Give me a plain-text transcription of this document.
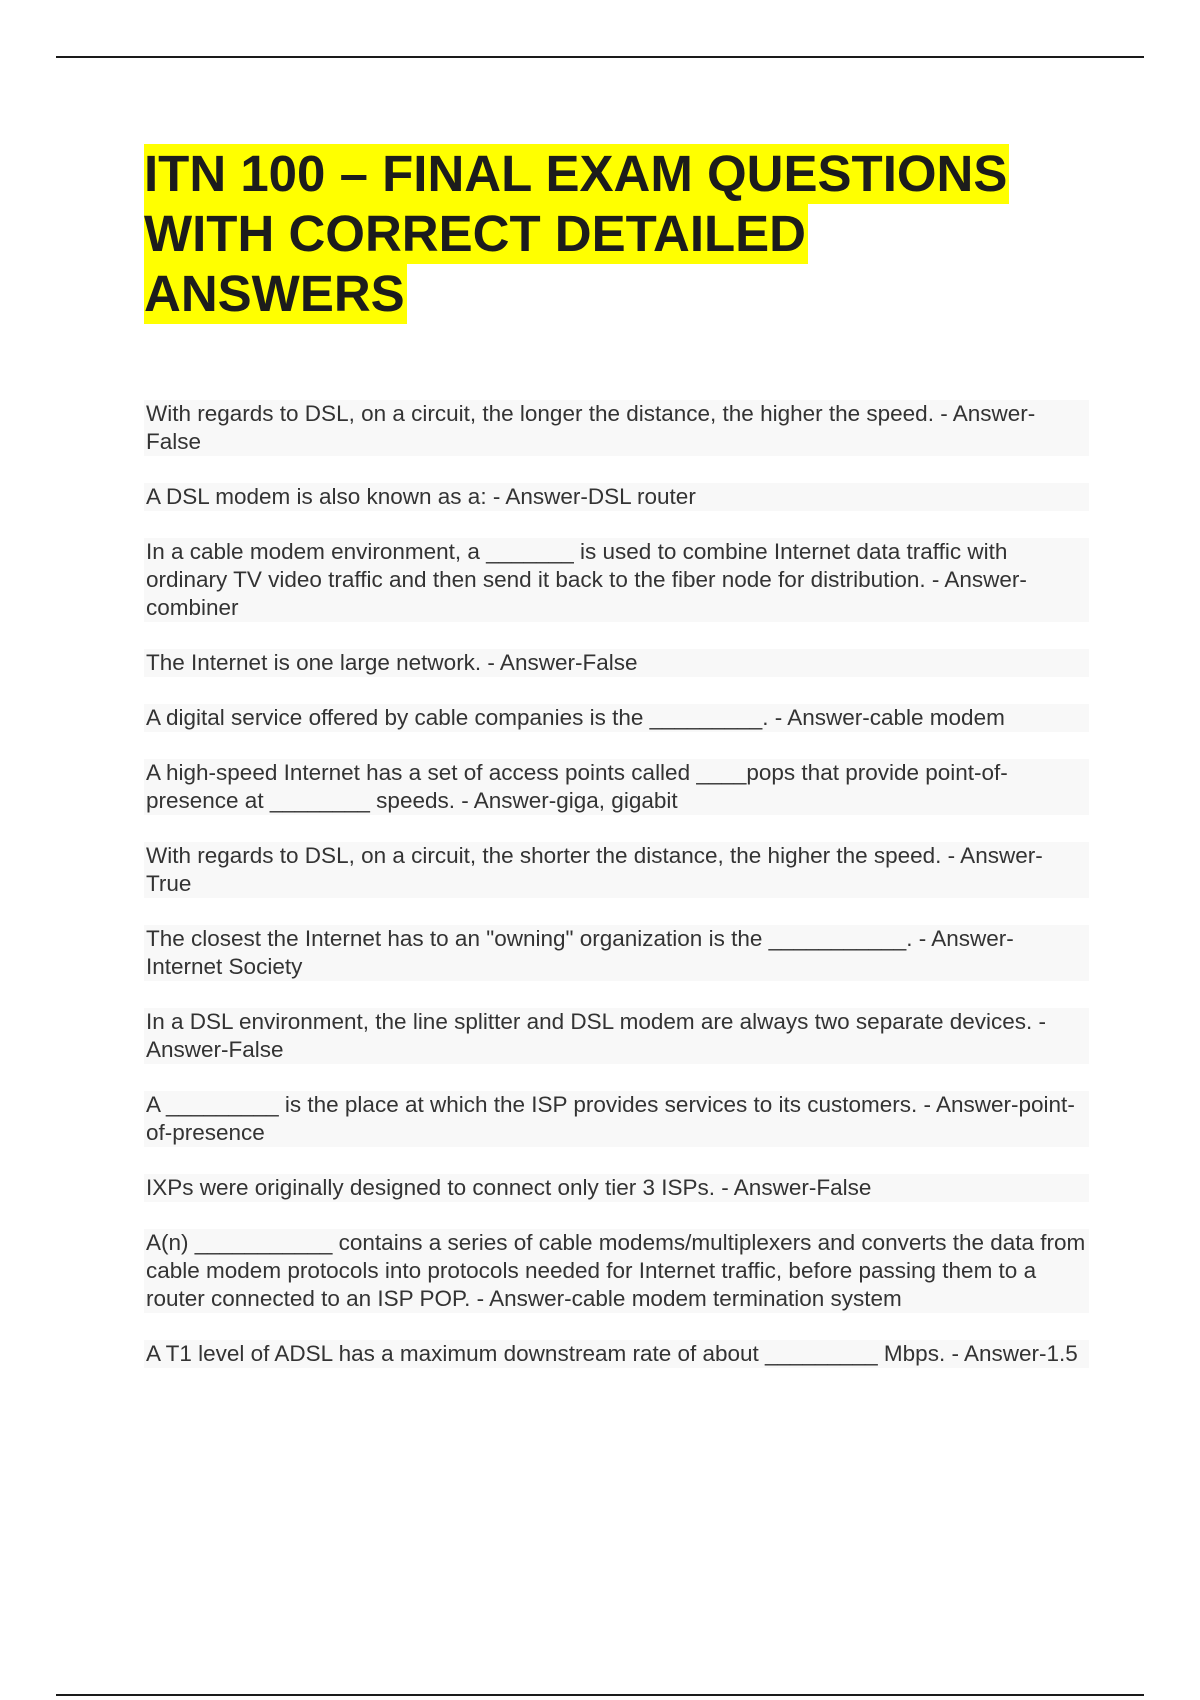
ITN 100 – FINAL EXAM QUESTIONS
WITH CORRECT DETAILED
ANSWERS

With regards to DSL, on a circuit, the longer the distance, the higher the speed. - Answer-False

A DSL modem is also known as a: - Answer-DSL router

In a cable modem environment, a _______ is used to combine Internet data traffic with ordinary TV video traffic and then send it back to the fiber node for distribution. - Answer-combiner

The Internet is one large network. - Answer-False

A digital service offered by cable companies is the _________. - Answer-cable modem

A high-speed Internet has a set of access points called ____pops that provide point-of-presence at ________ speeds. - Answer-giga, gigabit

With regards to DSL, on a circuit, the shorter the distance, the higher the speed. - Answer-True

The closest the Internet has to an "owning" organization is the ___________. - Answer-Internet Society

In a DSL environment, the line splitter and DSL modem are always two separate devices. - Answer-False

A _________ is the place at which the ISP provides services to its customers. - Answer-point-of-presence

IXPs were originally designed to connect only tier 3 ISPs. - Answer-False

A(n) ___________ contains a series of cable modems/multiplexers and converts the data from cable modem protocols into protocols needed for Internet traffic, before passing them to a router connected to an ISP POP. - Answer-cable modem termination system

A T1 level of ADSL has a maximum downstream rate of about _________ Mbps. - Answer-1.5
